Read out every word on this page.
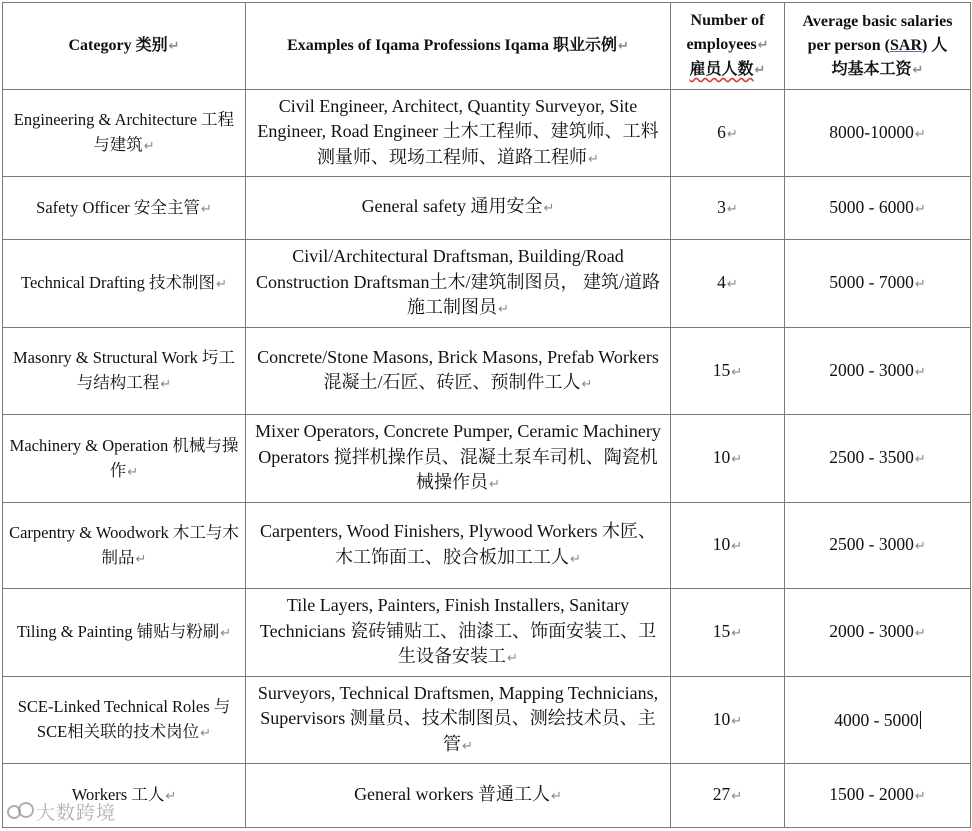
Category 类别↵	Examples of Iqama Professions Iqama 职业示例↵	Number of employees↵
雇员人数↵	Average basic salaries per person (SAR) 人
均基本工资↵
Engineering & Architecture 工程与建筑↵	Civil Engineer, Architect, Quantity Surveyor, Site Engineer, Road Engineer 土木工程师、建筑师、工料测量师、现场工程师、道路工程师↵	6↵	8000-10000↵
Safety Officer 安全主管↵	General safety 通用安全↵	3↵	5000 - 6000↵
Technical Drafting 技术制图↵	Civil/Architectural Draftsman, Building/Road Construction Draftsman土木/建筑制图员， 建筑/道路施工制图员↵	4↵	5000 - 7000↵
Masonry & Structural Work 圬工与结构工程↵	Concrete/Stone Masons, Brick Masons, Prefab Workers 混凝土/石匠、砖匠、预制件工人↵	15↵	2000 - 3000↵
Machinery & Operation 机械与操作↵	Mixer Operators, Concrete Pumper, Ceramic Machinery Operators 搅拌机操作员、混凝土泵车司机、陶瓷机械操作员↵	10↵	2500 - 3500↵
Carpentry & Woodwork 木工与木制品↵	Carpenters, Wood Finishers, Plywood Workers 木匠、木工饰面工、胶合板加工工人↵	10↵	2500 - 3000↵
Tiling & Painting 铺贴与粉刷↵	Tile Layers, Painters, Finish Installers, Sanitary Technicians 瓷砖铺贴工、油漆工、饰面安装工、卫生设备安装工↵	15↵	2000 - 3000↵
SCE-Linked Technical Roles 与SCE相关联的技术岗位↵	Surveyors, Technical Draftsmen, Mapping Technicians, Supervisors 测量员、技术制图员、测绘技术员、主管↵	10↵	4000 - 5000
Workers 工人↵	General workers 普通工人↵	27↵	1500 - 2000↵
大数跨境
